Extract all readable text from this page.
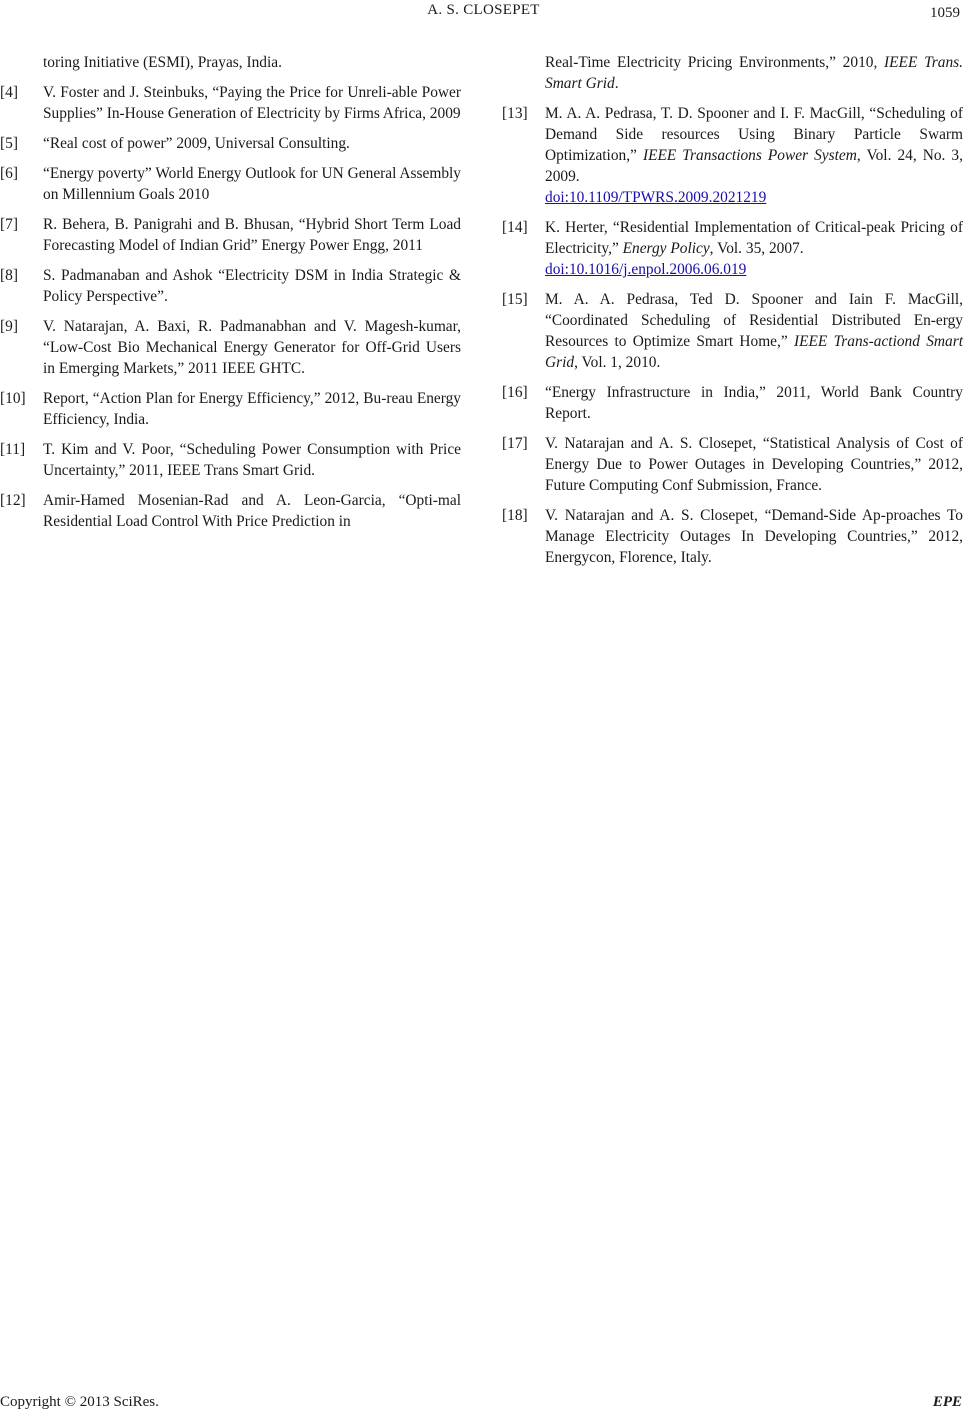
A. S. CLOSEPET	1059
toring Initiative (ESMI), Prayas, India.
[4] V. Foster and J. Steinbuks, “Paying the Price for Unreli-able Power Supplies” In-House Generation of Electricity by Firms Africa, 2009
[5] “Real cost of power” 2009, Universal Consulting.
[6] “Energy poverty” World Energy Outlook for UN General Assembly on Millennium Goals 2010
[7] R. Behera, B. Panigrahi and B. Bhusan, “Hybrid Short Term Load Forecasting Model of Indian Grid” Energy Power Engg, 2011
[8] S. Padmanaban and Ashok “Electricity DSM in India Strategic & Policy Perspective”.
[9] V. Natarajan, A. Baxi, R. Padmanabhan and V. Magesh-kumar, “Low-Cost Bio Mechanical Energy Generator for Off-Grid Users in Emerging Markets,” 2011 IEEE GHTC.
[10] Report, “Action Plan for Energy Efficiency,” 2012, Bu-reau Energy Efficiency, India.
[11] T. Kim and V. Poor, “Scheduling Power Consumption with Price Uncertainty,” 2011, IEEE Trans Smart Grid.
[12] Amir-Hamed Mosenian-Rad and A. Leon-Garcia, “Opti-mal Residential Load Control With Price Prediction in
Real-Time Electricity Pricing Environments,” 2010, IEEE Trans. Smart Grid.
[13] M. A. A. Pedrasa, T. D. Spooner and I. F. MacGill, “Scheduling of Demand Side resources Using Binary Particle Swarm Optimization,” IEEE Transactions Power System, Vol. 24, No. 3, 2009.
doi:10.1109/TPWRS.2009.2021219
[14] K. Herter, “Residential Implementation of Critical-peak Pricing of Electricity,” Energy Policy, Vol. 35, 2007.
doi:10.1016/j.enpol.2006.06.019
[15] M. A. A. Pedrasa, Ted D. Spooner and Iain F. MacGill, “Coordinated Scheduling of Residential Distributed En-ergy Resources to Optimize Smart Home,” IEEE Trans-actiond Smart Grid, Vol. 1, 2010.
[16] “Energy Infrastructure in India,” 2011, World Bank Country Report.
[17] V. Natarajan and A. S. Closepet, “Statistical Analysis of Cost of Energy Due to Power Outages in Developing Countries,” 2012, Future Computing Conf Submission, France.
[18] V. Natarajan and A. S. Closepet, “Demand-Side Ap-proaches To Manage Electricity Outages In Developing Countries,” 2012, Energycon, Florence, Italy.
Copyright © 2013 SciRes.	EPE
